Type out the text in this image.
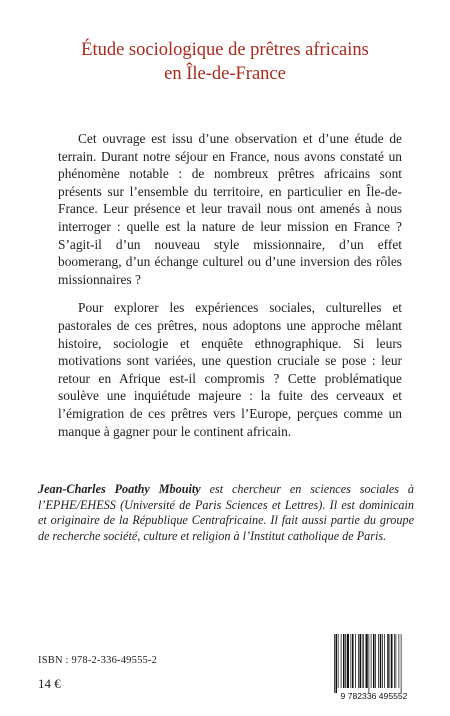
Étude sociologique de prêtres africains
en Île-de-France

Cet ouvrage est issu d’une observation et d’une étude de terrain. Durant notre séjour en France, nous avons constaté un phénomène notable : de nombreux prêtres africains sont présents sur l’ensemble du territoire, en particulier en Île-de-France. Leur présence et leur travail nous ont amenés à nous interroger : quelle est la nature de leur mission en France ? S’agit-il d’un nouveau style missionnaire, d’un effet boomerang, d’un échange culturel ou d’une inversion des rôles missionnaires ?

Pour explorer les expériences sociales, culturelles et pastorales de ces prêtres, nous adoptons une approche mêlant histoire, sociologie et enquête ethnographique. Si leurs motivations sont variées, une question cruciale se pose : leur retour en Afrique est-il compromis ? Cette problématique soulève une inquiétude majeure : la fuite des cerveaux et l’émigration de ces prêtres vers l’Europe, perçues comme un manque à gagner pour le continent africain.

Jean-Charles Poathy Mbouity est chercheur en sciences sociales à l’EPHE/EHESS (Université de Paris Sciences et Lettres). Il est dominicain et originaire de la République Centrafricaine. Il fait aussi partie du groupe de recherche société, culture et religion à l’Institut catholique de Paris.
ISBN : 978-2-336-49555-2
14 €
9 782336 495552
